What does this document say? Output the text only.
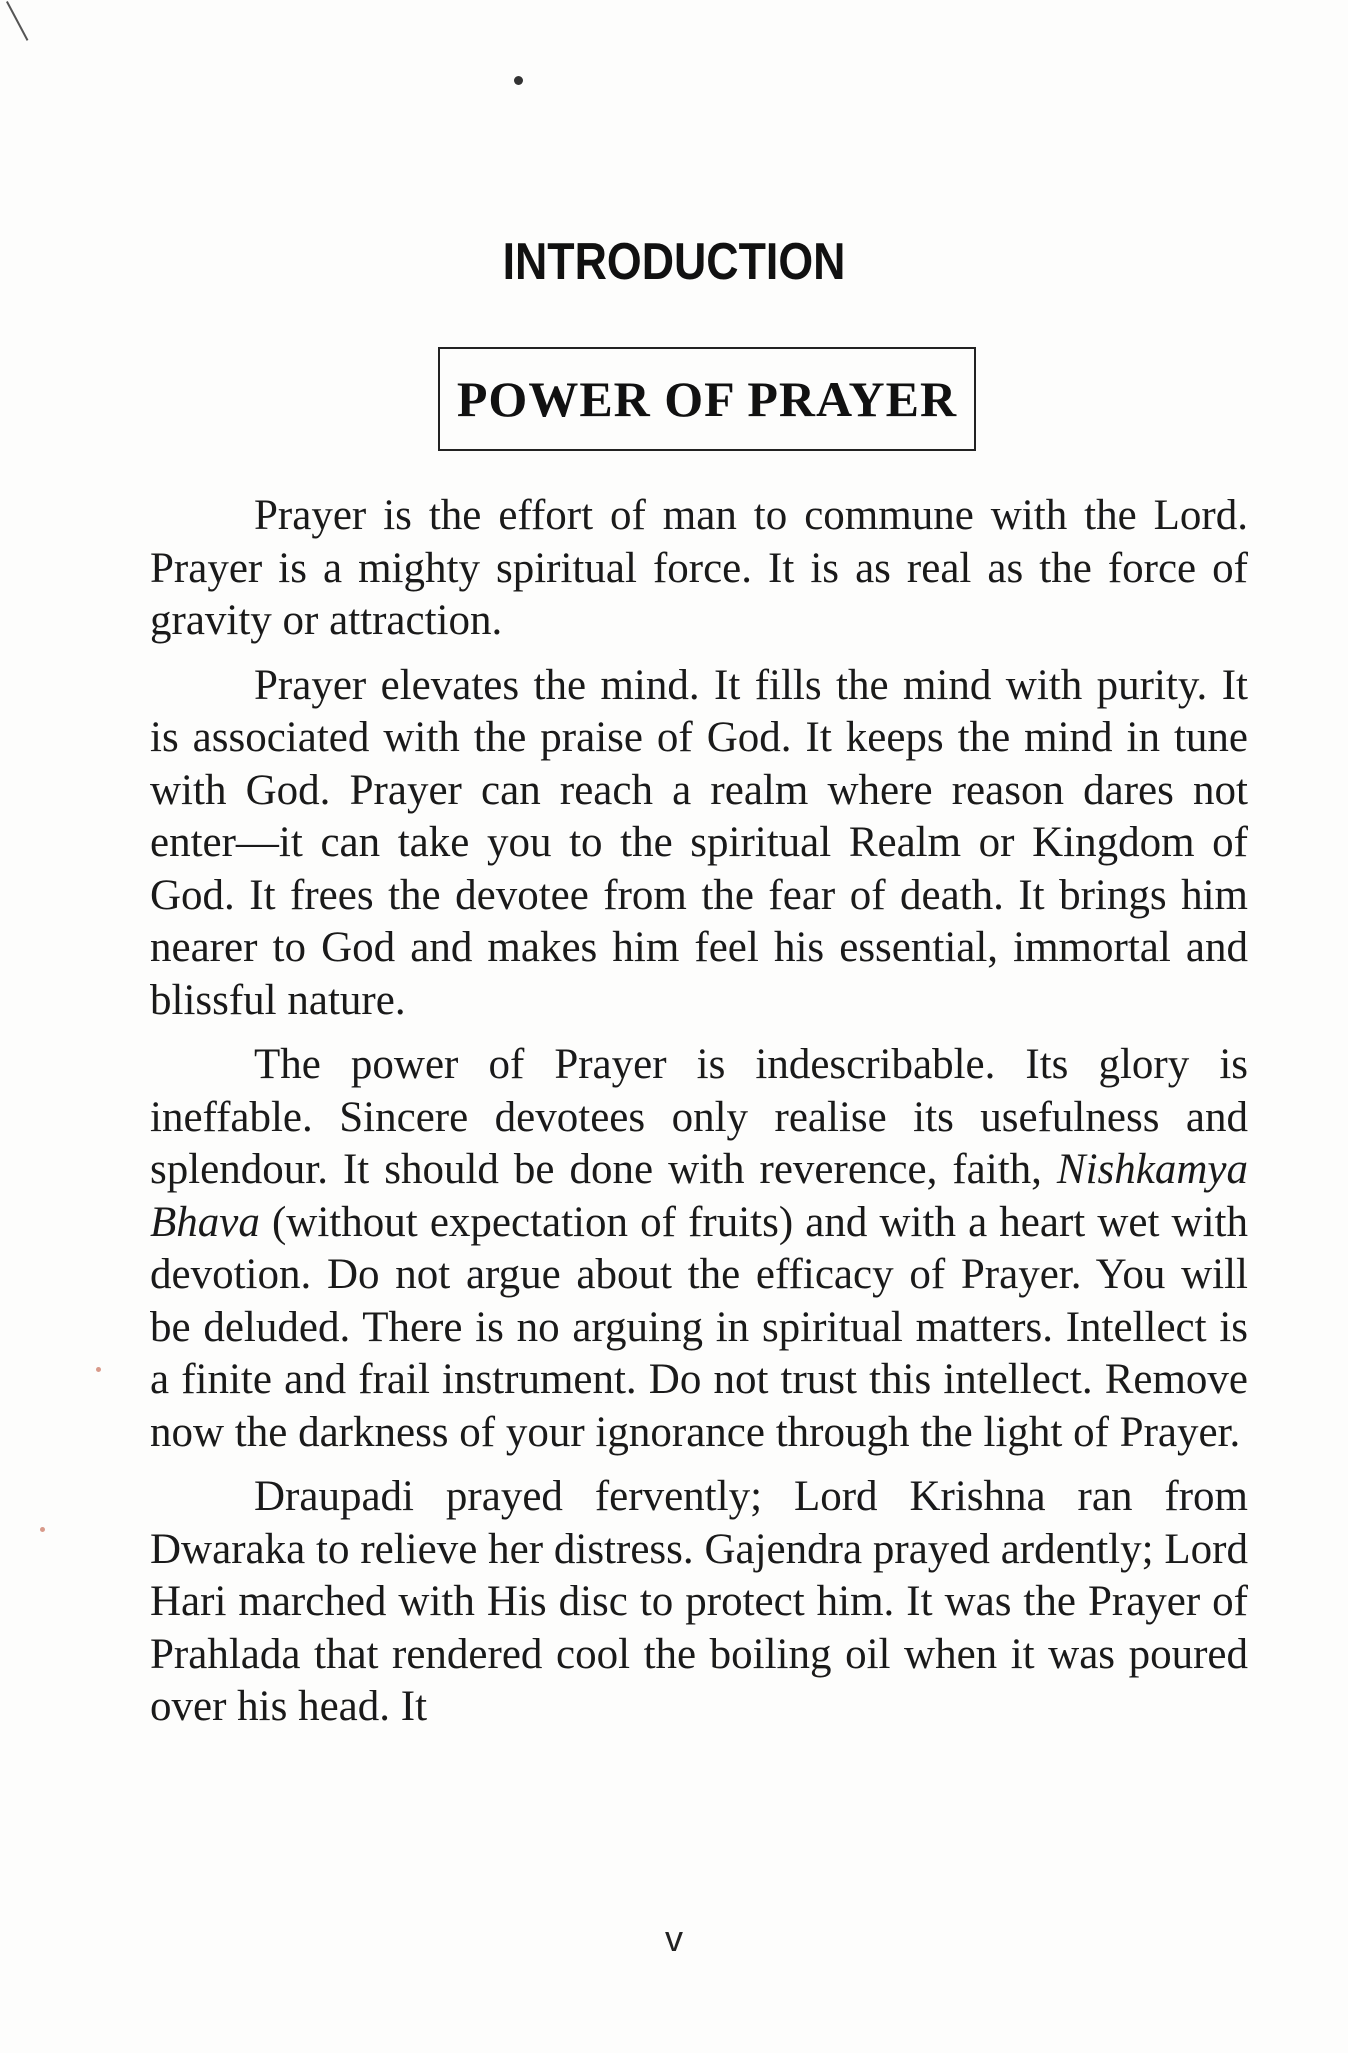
INTRODUCTION
POWER OF PRAYER

Prayer is the effort of man to commune with the Lord. Prayer is a mighty spiritual force. It is as real as the force of gravity or attraction.

Prayer elevates the mind. It fills the mind with purity. It is associated with the praise of God. It keeps the mind in tune with God. Prayer can reach a realm where reason dares not enter—it can take you to the spiritual Realm or Kingdom of God. It frees the devotee from the fear of death. It brings him nearer to God and makes him feel his essential, immortal and blissful nature.

The power of Prayer is indescribable. Its glory is ineffable. Sincere devotees only realise its usefulness and splendour. It should be done with reverence, faith, Nishkamya Bhava (without expectation of fruits) and with a heart wet with devotion. Do not argue about the efficacy of Prayer. You will be deluded. There is no arguing in spiritual matters. Intellect is a finite and frail instrument. Do not trust this intellect. Remove now the darkness of your ignorance through the light of Prayer.

Draupadi prayed fervently; Lord Krishna ran from Dwaraka to relieve her distress. Gajendra prayed ardently; Lord Hari marched with His disc to protect him. It was the Prayer of Prahlada that rendered cool the boiling oil when it was poured over his head. It

v
